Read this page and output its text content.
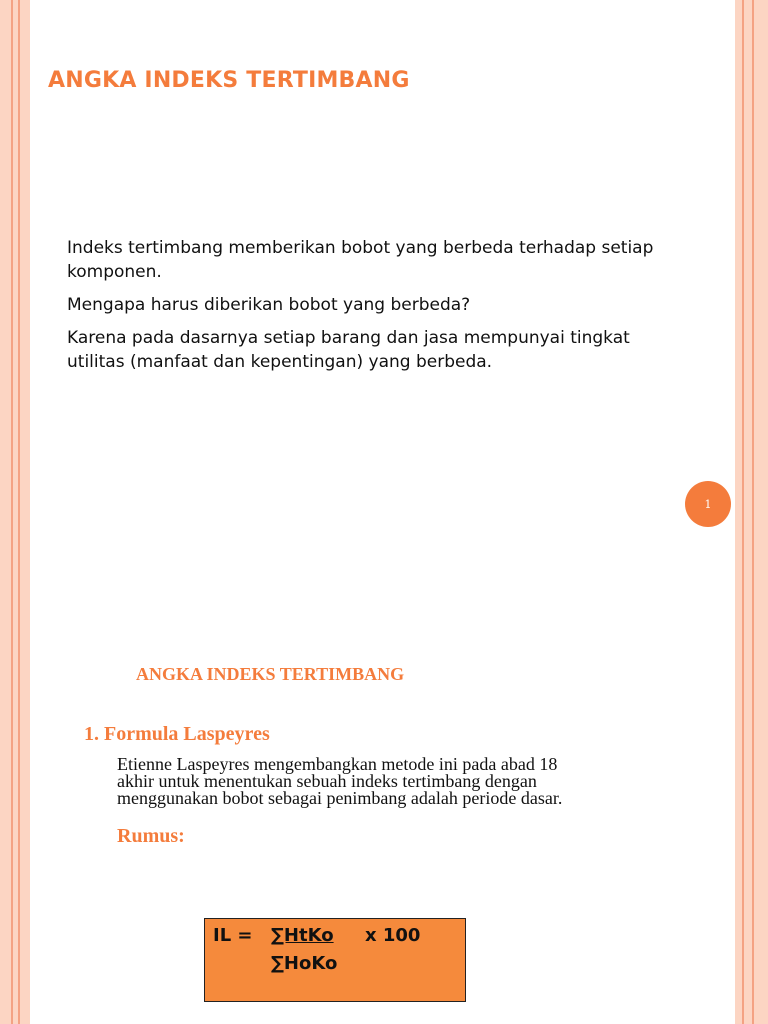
ANGKA INDEKS TERTIMBANG

Indeks tertimbang memberikan bobot yang berbeda terhadap setiap komponen.

Mengapa harus diberikan bobot yang berbeda?

Karena pada dasarnya setiap barang dan jasa mempunyai tingkat utilitas (manfaat dan kepentingan) yang berbeda.

1
ANGKA INDEKS TERTIMBANG
1. Formula Laspeyres
Etienne Laspeyres mengembangkan metode ini pada abad 18
akhir untuk menentukan sebuah indeks tertimbang dengan
menggunakan bobot sebagai penimbang adalah periode dasar.
Rumus:
IL = ∑HtKo x 100
∑HoKo
